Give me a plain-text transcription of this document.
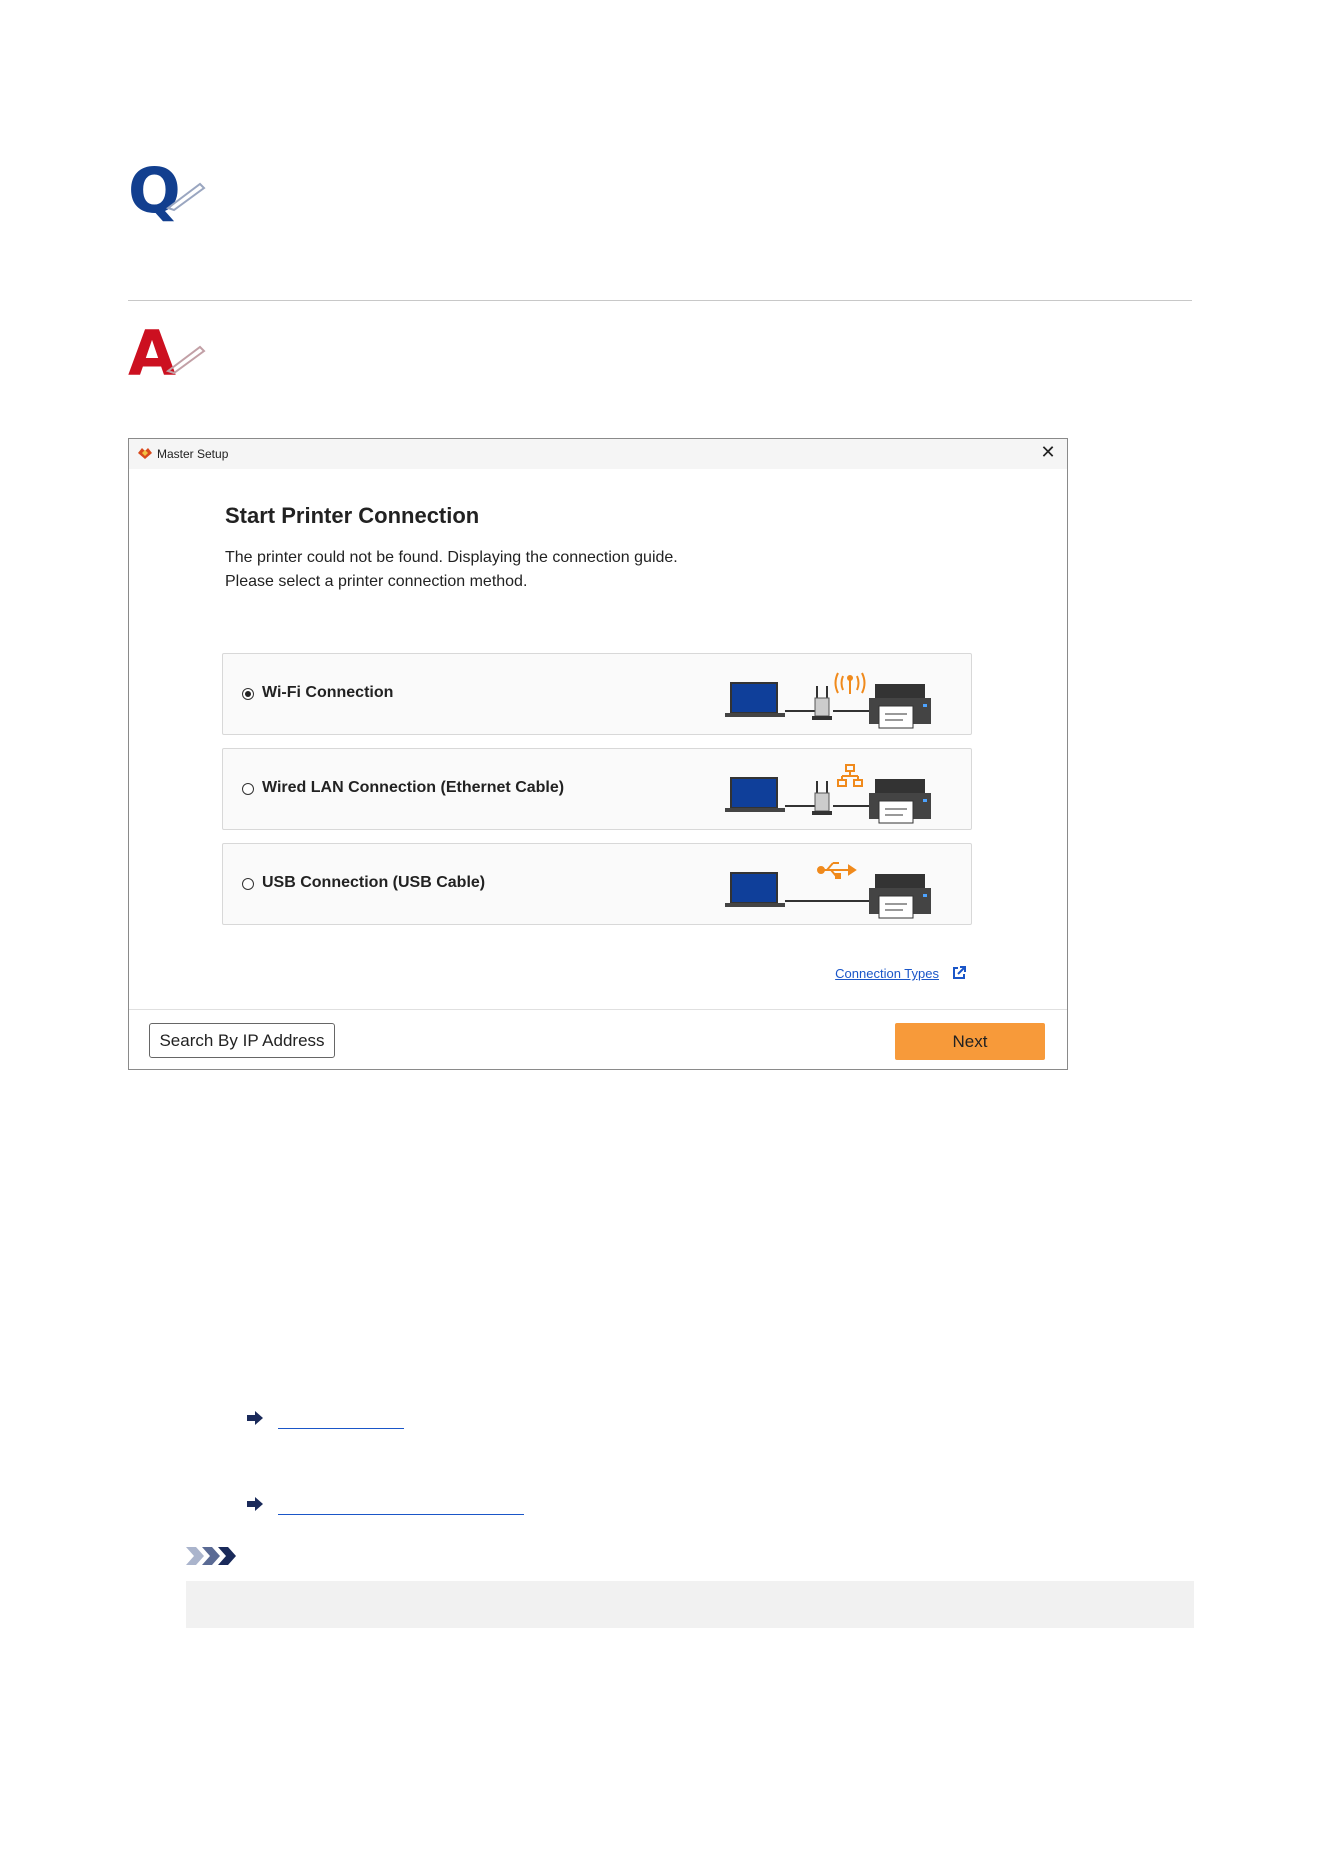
Q
A
Master Setup	✕
Start Printer Connection
The printer could not be found. Displaying the connection guide.
Please select a printer connection method.
Wi-Fi Connection
Wired LAN Connection (Ethernet Cable)
USB Connection (USB Cable)
Connection Types
Search By IP Address	Next
